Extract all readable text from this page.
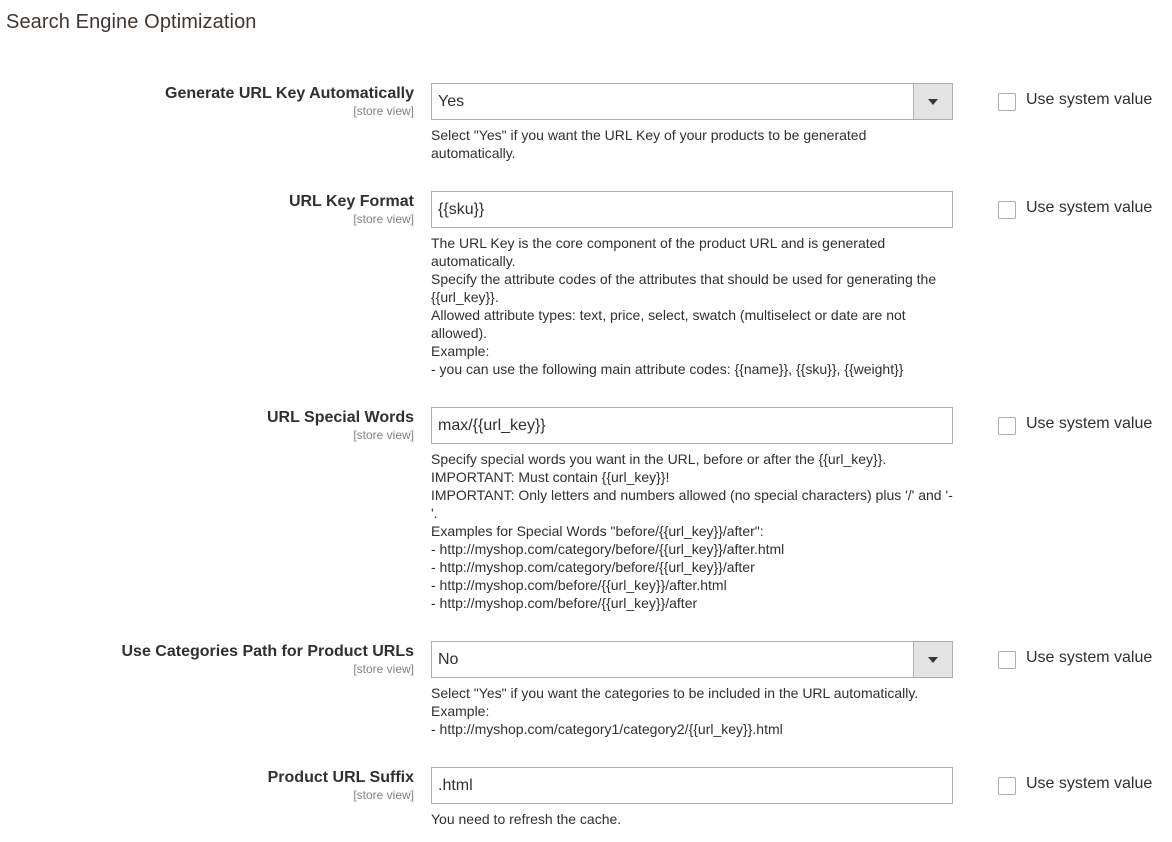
Search Engine Optimization
Generate URL Key Automatically
[store view]
Yes	Use system value
Select "Yes" if you want the URL Key of your products to be generated
automatically.
URL Key Format
[store view]
{{sku}}	Use system value
The URL Key is the core component of the product URL and is generated
automatically.
Specify the attribute codes of the attributes that should be used for generating the
{{url_key}}.
Allowed attribute types: text, price, select, swatch (multiselect or date are not
allowed).
Example:
- you can use the following main attribute codes: {{name}}, {{sku}}, {{weight}}
URL Special Words
[store view]
max/{{url_key}}	Use system value
Specify special words you want in the URL, before or after the {{url_key}}.
IMPORTANT: Must contain {{url_key}}!
IMPORTANT: Only letters and numbers allowed (no special characters) plus '/' and '-
'.
Examples for Special Words "before/{{url_key}}/after":
- http://myshop.com/category/before/{{url_key}}/after.html
- http://myshop.com/category/before/{{url_key}}/after
- http://myshop.com/before/{{url_key}}/after.html
- http://myshop.com/before/{{url_key}}/after
Use Categories Path for Product URLs
[store view]
No	Use system value
Select "Yes" if you want the categories to be included in the URL automatically.
Example:
- http://myshop.com/category1/category2/{{url_key}}.html
Product URL Suffix
[store view]
.html	Use system value
You need to refresh the cache.
